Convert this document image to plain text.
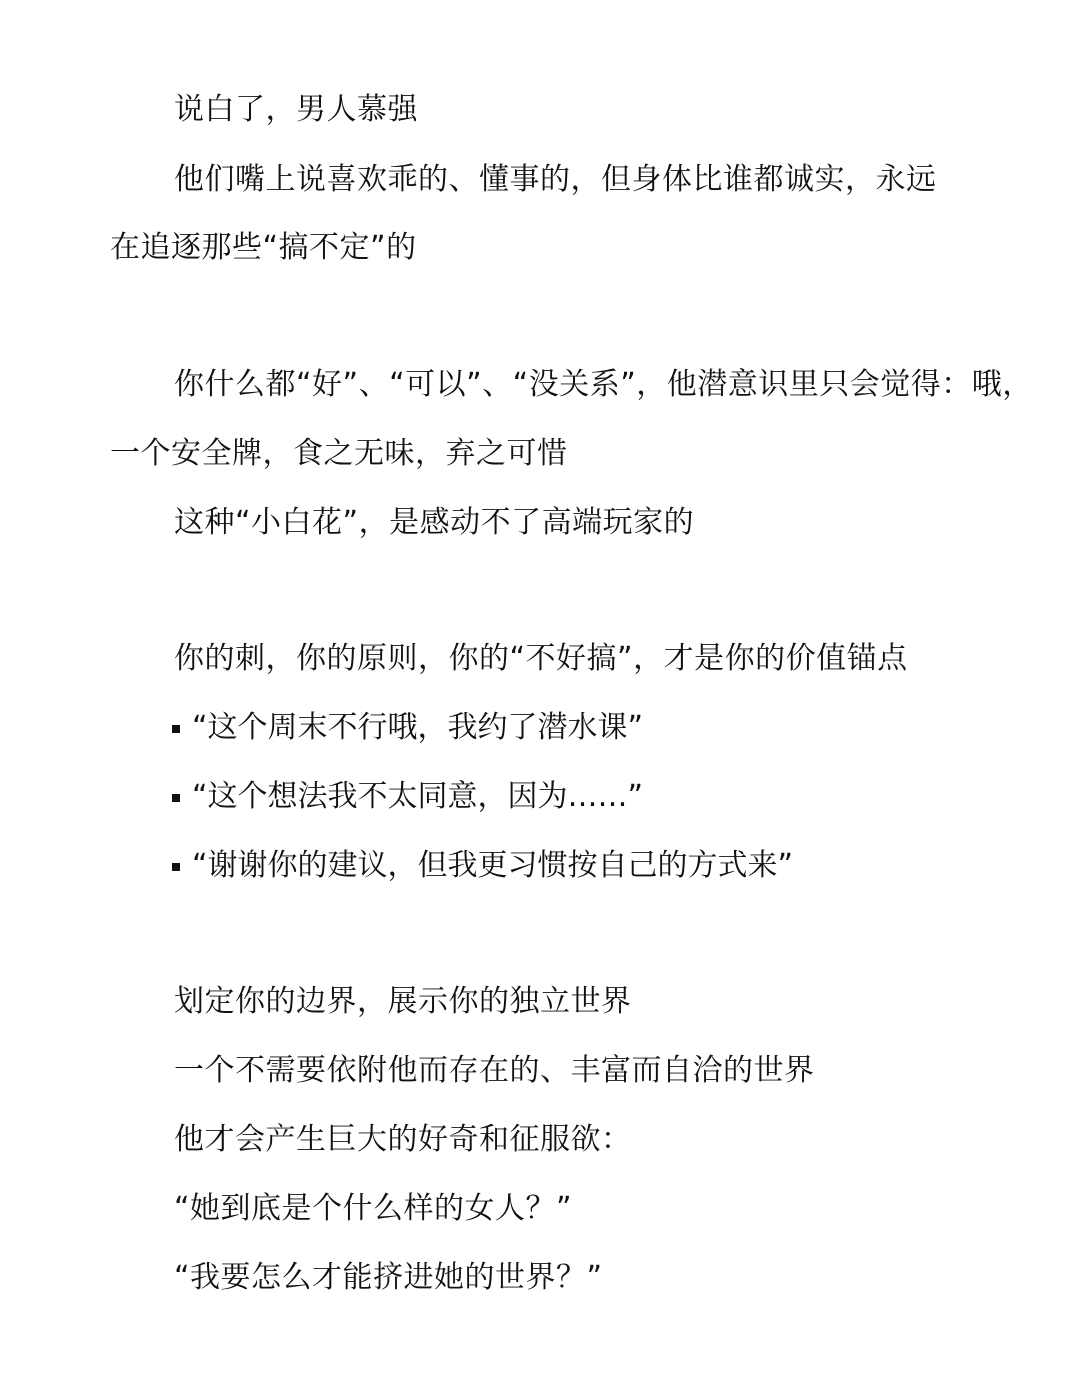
说白了，男人慕强
他们嘴上说喜欢乖的、懂事的，但身体比谁都诚实，永远
在追逐那些“搞不定”的
你什么都“好”、“可以”、“没关系”，他潜意识里只会觉得：哦，
一个安全牌，食之无味，弃之可惜
这种“小白花”，是感动不了高端玩家的
你的刺，你的原则，你的“不好搞”，才是你的价值锚点
“这个周末不行哦，我约了潜水课”
“这个想法我不太同意，因为……”
“谢谢你的建议，但我更习惯按自己的方式来”
划定你的边界，展示你的独立世界
一个不需要依附他而存在的、丰富而自洽的世界
他才会产生巨大的好奇和征服欲：
“她到底是个什么样的女人？”
“我要怎么才能挤进她的世界？”
